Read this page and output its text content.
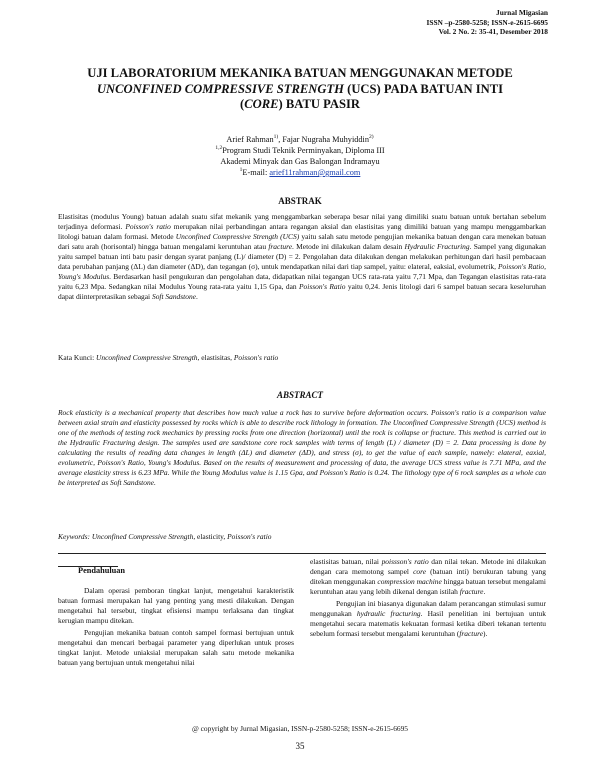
Jurnal Migasian
ISSN –p-2580-5258; ISSN-e-2615-6695
Vol. 2 No. 2: 35-41, Desember 2018
UJI LABORATORIUM MEKANIKA BATUAN MENGGUNAKAN METODE
UNCONFINED COMPRESSIVE STRENGTH (UCS) PADA BATUAN INTI
(CORE) BATU PASIR
Arief Rahman$^{1)}$, Fajar Nugraha Muhyiddin$^{2)}$
$^{1,2}$Program Studi Teknik Perminyakan, Diploma III
Akademi Minyak dan Gas Balongan Indramayu
$^1$E-mail: arief11rahman@gmail.com
ABSTRAK
Elastisitas (modulus Young) batuan adalah suatu sifat mekanik yang menggambarkan seberapa besar nilai yang dimiliki suatu batuan untuk bertahan sebelum terjadinya deformasi. Poisson's ratio merupakan nilai perbandingan antara regangan aksial dan elastisitas yang dimiliki batuan yang mampu menggambarkan litologi batuan dalam formasi. Metode Unconfined Compressive Strength (UCS) yaitu salah satu metode pengujian mekanika batuan dengan cara menekan batuan dari satu arah (horisontal) hingga batuan mengalami keruntuhan atau fracture. Metode ini dilakukan dalam desain Hydraulic Fracturing. Sampel yang digunakan yaitu sampel batuan inti batu pasir dengan syarat panjang (L)/ diameter (D) = 2. Pengolahan data dilakukan dengan melakukan perhitungan dari hasil pembacaan data perubahan panjang (ΔL) dan diameter (ΔD), dan tegangan (σ), untuk mendapatkan nilai dari tiap sampel, yaitu: elateral, eaksial, evolumetrik, Poisson's Ratio, Young's Modulus. Berdasarkan hasil pengukuran dan pengolahan data, didapatkan nilai tegangan UCS rata-rata yaitu 7,71 Mpa, dan Tegangan elastisitas rata-rata yaitu 6,23 Mpa. Sedangkan nilai Modulus Young rata-rata yaitu 1,15 Gpa, dan Poisson's Ratio yaitu 0,24. Jenis litologi dari 6 sampel batuan secara keseluruhan dapat diinterpretasikan sebagai Soft Sandstone.
Kata Kunci: Unconfined Compressive Strength, elastisitas, Poisson's ratio
ABSTRACT
Rock elasticity is a mechanical property that describes how much value a rock has to survive before deformation occurs. Poisson's ratio is a comparison value between axial strain and elasticity possessed by rocks which is able to describe rock lithology in formation. The Unconfined Compressive Strength (UCS) method is one of the methods of testing rock mechanics by pressing rocks from one direction (horizontal) until the rock is collapse or fracture. This method is carried out in the Hydraulic Fracturing design. The samples used are sandstone core rock samples with terms of length (L) / diameter (D) = 2. Data processing is done by calculating the results of reading data changes in length (ΔL) and diameter (ΔD), and stress (σ), to get the value of each sample, namely: elateral, eaxial, evolumetric, Poisson's Ratio, Young's Modulus. Based on the results of measurement and processing of data, the average UCS stress value is 7.71 MPa, and the average elasticity stress is 6.23 MPa. While the Young Modulus value is 1.15 Gpa, and Poisson's Ratio is 0.24. The lithology type of 6 rock samples as a whole can be interpreted as Soft Sandstone.
Keywords: Unconfined Compressive Strength, elasticity, Poisson's ratio
Pendahuluan

Dalam operasi pemboran tingkat lanjut, mengetahui karakteristik batuan formasi merupakan hal yang penting yang mesti dilakukan. Dengan mengetahui hal tersebut, tingkat efisiensi mampu terlaksana dan tingkat kerugian mampu ditekan.

Pengujian mekanika batuan contoh sampel formasi bertujuan untuk mengetahui dan mencari berbagai parameter yang diperlukan untuk proses tingkat lanjut. Metode uniaksial merupakan salah satu metode mekanika batuan yang bertujuan untuk mengetahui nilai

elastisitas batuan, nilai poissson's ratio dan nilai tekan. Metode ini dilakukan dengan cara memotong sampel core (batuan inti) berukuran tabung yang ditekan menggunakan compression machine hingga batuan tersebut mengalami keruntuhan atau yang lebih dikenal dengan istilah fracture.

Pengujian ini biasanya digunakan dalam perancangan stimulasi sumur menggunakan hydraulic fracturing. Hasil penelitian ini bertujuan untuk mengetahui secara matematis kekuatan formasi ketika diberi tekanan tertentu sebelum formasi tersebut mengalami keruntuhan (fracture).

@ copyright by Jurnal Migasian, ISSN-p-2580-5258; ISSN-e-2615-6695
35
